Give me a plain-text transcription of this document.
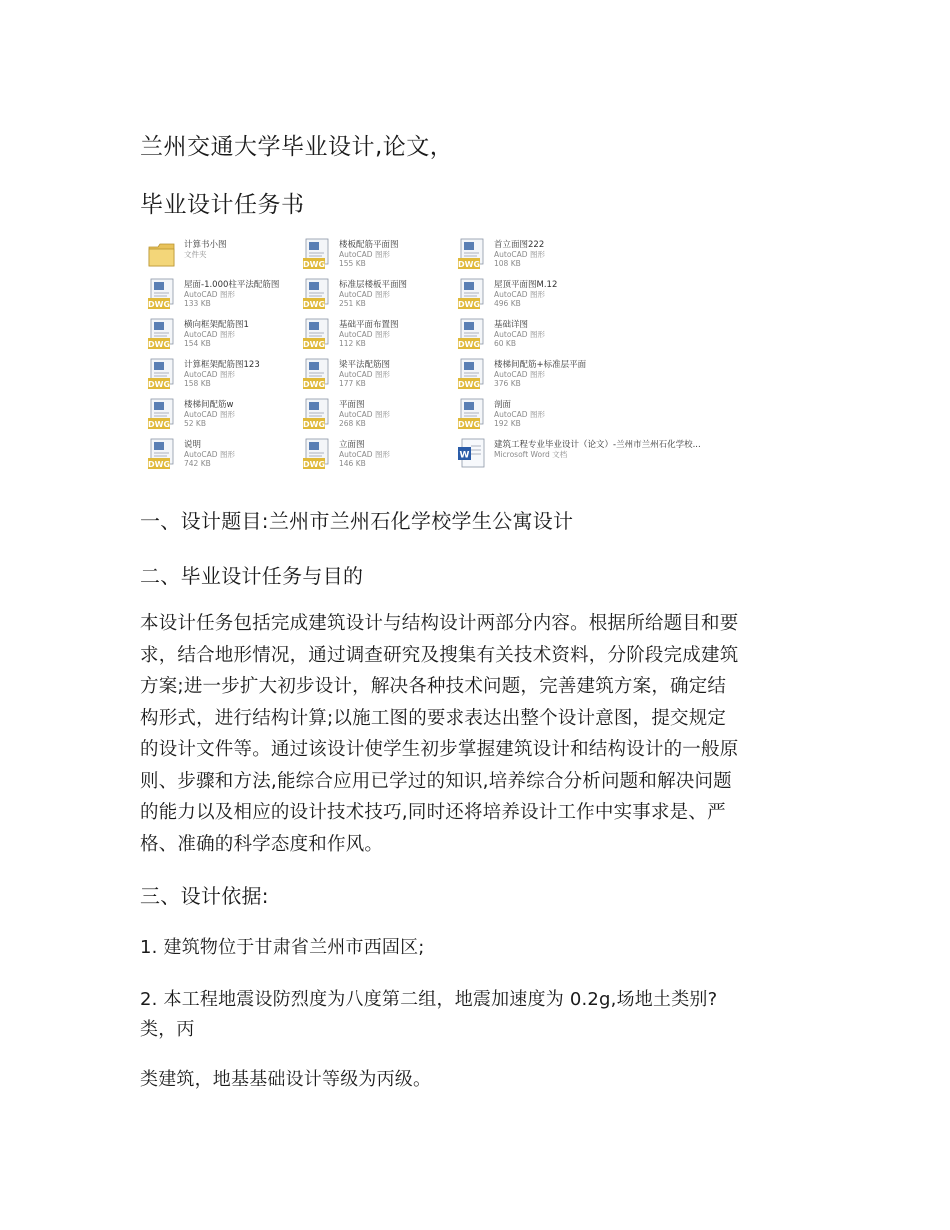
兰州交通大学毕业设计,论文，
毕业设计任务书
计算书小图
文件夹
DWG
屋面-1.000柱平法配筋图
AutoCAD 图形
133 KB
DWG
横向框架配筋图1
AutoCAD 图形
154 KB
DWG
计算框架配筋图123
AutoCAD 图形
158 KB
DWG
楼梯间配筋w
AutoCAD 图形
52 KB
DWG
说明
AutoCAD 图形
742 KB
DWG
楼板配筋平面图
AutoCAD 图形
155 KB
DWG
标准层楼板平面图
AutoCAD 图形
251 KB
DWG
基础平面布置图
AutoCAD 图形
112 KB
DWG
梁平法配筋图
AutoCAD 图形
177 KB
DWG
平面图
AutoCAD 图形
268 KB
DWG
立面图
AutoCAD 图形
146 KB
DWG
首立面图222
AutoCAD 图形
108 KB
DWG
屋顶平面图M.12
AutoCAD 图形
496 KB
DWG
基础详图
AutoCAD 图形
60 KB
DWG
楼梯间配筋+标准层平面
AutoCAD 图形
376 KB
DWG
剖面
AutoCAD 图形
192 KB
W
建筑工程专业毕业设计（论文）-兰州市兰州石化学校...
Microsoft Word 文档
一、设计题目:兰州市兰州石化学校学生公寓设计
二、毕业设计任务与目的
本设计任务包括完成建筑设计与结构设计两部分内容。根据所给题目和要
求，结合地形情况，通过调查研究及搜集有关技术资料，分阶段完成建筑
方案;进一步扩大初步设计，解决各种技术问题，完善建筑方案，确定结
构形式，进行结构计算;以施工图的要求表达出整个设计意图，提交规定
的设计文件等。通过该设计使学生初步掌握建筑设计和结构设计的一般原
则、步骤和方法,能综合应用已学过的知识,培养综合分析问题和解决问题
的能力以及相应的设计技术技巧,同时还将培养设计工作中实事求是、严
格、准确的科学态度和作风。
三、设计依据:
1. 建筑物位于甘肃省兰州市西固区;
2. 本工程地震设防烈度为八度第二组，地震加速度为 0.2g,场地土类别?
类，丙
类建筑，地基基础设计等级为丙级。
